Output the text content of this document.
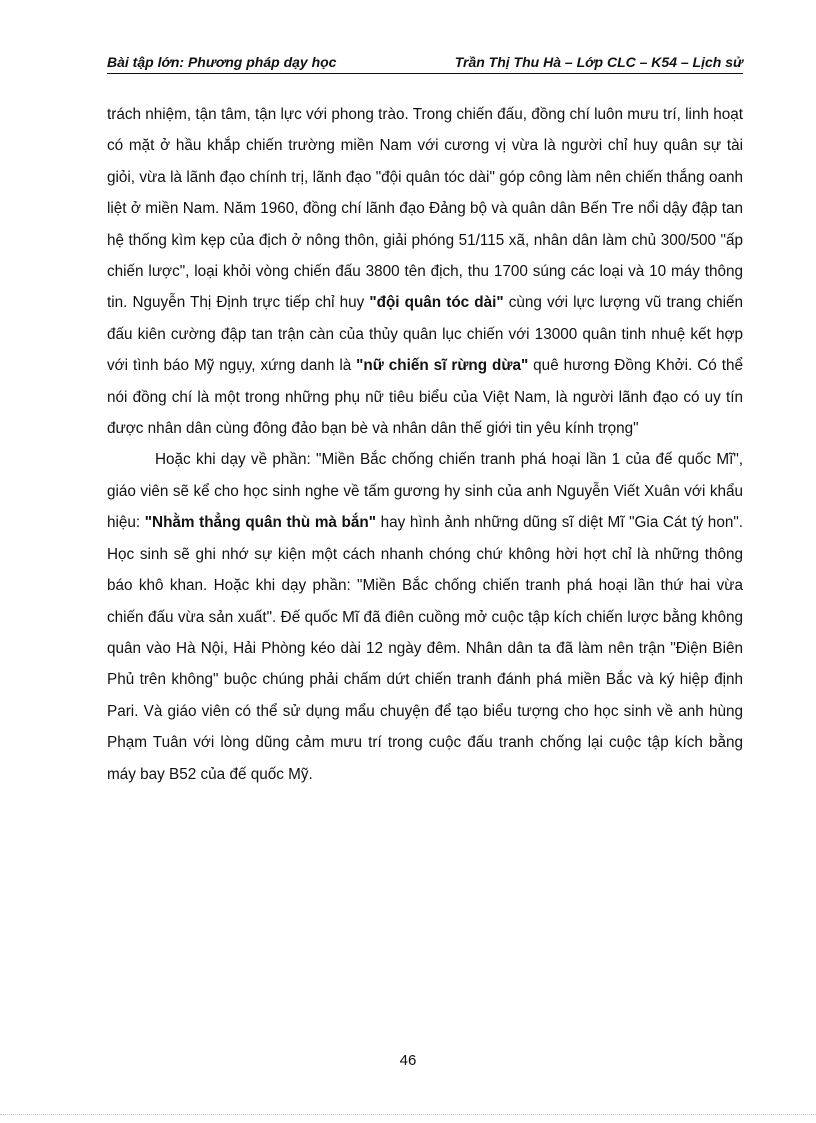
Bài tập lớn: Phương pháp dạy học	Trần Thị Thu Hà – Lớp CLC – K54 – Lịch sử

trách nhiệm, tận tâm, tận lực với phong trào. Trong chiến đấu, đồng chí luôn mưu trí, linh hoạt có mặt ở hầu khắp chiến trường miền Nam với cương vị vừa là người chỉ huy quân sự tài giỏi, vừa là lãnh đạo chính trị, lãnh đạo "đội quân tóc dài" góp công làm nên chiến thắng oanh liệt ở miền Nam. Năm 1960, đồng chí lãnh đạo Đảng bộ và quân dân Bến Tre nổi dậy đập tan hệ thống kìm kẹp của địch ở nông thôn, giải phóng 51/115 xã, nhân dân làm chủ 300/500 "ấp chiến lược", loại khỏi vòng chiến đấu 3800 tên địch, thu 1700 súng các loại và 10 máy thông tin. Nguyễn Thị Định trực tiếp chỉ huy "đội quân tóc dài" cùng với lực lượng vũ trang chiến đấu kiên cường đập tan trận càn của thủy quân lục chiến với 13000 quân tinh nhuệ kết hợp với tình báo Mỹ ngụy, xứng danh là "nữ chiến sĩ rừng dừa" quê hương Đồng Khởi. Có thể nói đồng chí là một trong những phụ nữ tiêu biểu của Việt Nam, là người lãnh đạo có uy tín được nhân dân cùng đông đảo bạn bè và nhân dân thế giới tin yêu kính trọng"

Hoặc khi dạy về phần: "Miền Bắc chống chiến tranh phá hoại lần 1 của đế quốc Mĩ", giáo viên sẽ kể cho học sinh nghe về tấm gương hy sinh của anh Nguyễn Viết Xuân với khẩu hiệu: "Nhằm thẳng quân thù mà bắn" hay hình ảnh những dũng sĩ diệt Mĩ "Gia Cát tý hon". Học sinh sẽ ghi nhớ sự kiện một cách nhanh chóng chứ không hời hợt chỉ là những thông báo khô khan. Hoặc khi dạy phần: "Miền Bắc chống chiến tranh phá hoại lần thứ hai vừa chiến đấu vừa sản xuất". Đế quốc Mĩ đã điên cuồng mở cuộc tập kích chiến lược bằng không quân vào Hà Nội, Hải Phòng kéo dài 12 ngày đêm. Nhân dân ta đã làm nên trận "Điện Biên Phủ trên không" buộc chúng phải chấm dứt chiến tranh đánh phá miền Bắc và ký hiệp định Pari. Và giáo viên có thể sử dụng mẩu chuyện để tạo biểu tượng cho học sinh về anh hùng Phạm Tuân với lòng dũng cảm mưu trí trong cuộc đấu tranh chống lại cuộc tập kích bằng máy bay B52 của đế quốc Mỹ.

46
